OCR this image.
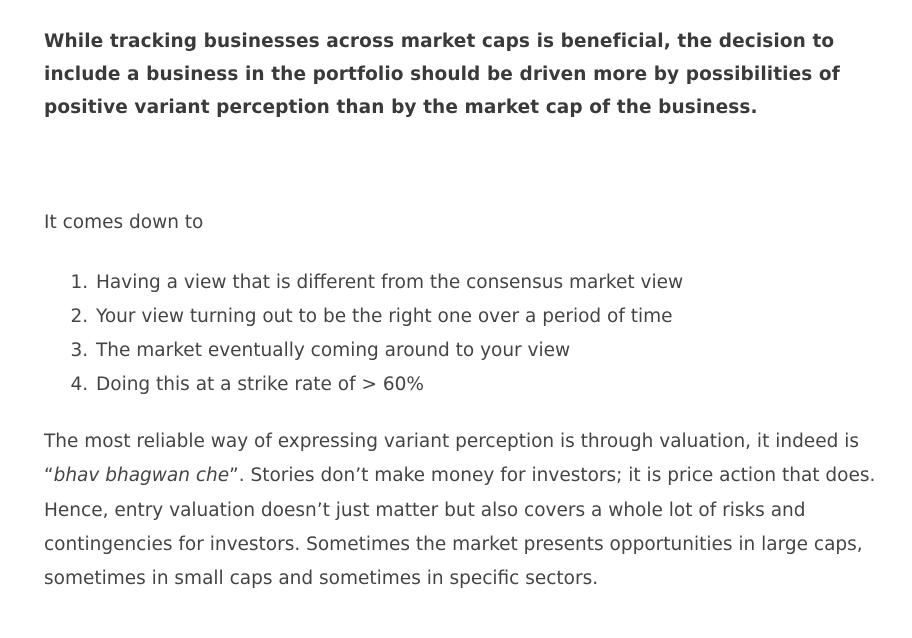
While tracking businesses across market caps is beneficial, the decision to include a business in the portfolio should be driven more by possibilities of positive variant perception than by the market cap of the business.

It comes down to

1. Having a view that is different from the consensus market view
2. Your view turning out to be the right one over a period of time
3. The market eventually coming around to your view
4. Doing this at a strike rate of > 60%

The most reliable way of expressing variant perception is through valuation, it indeed is “bhav bhagwan che”. Stories don’t make money for investors; it is price action that does. Hence, entry valuation doesn’t just matter but also covers a whole lot of risks and contingencies for investors. Sometimes the market presents opportunities in large caps, sometimes in small caps and sometimes in specific sectors.
